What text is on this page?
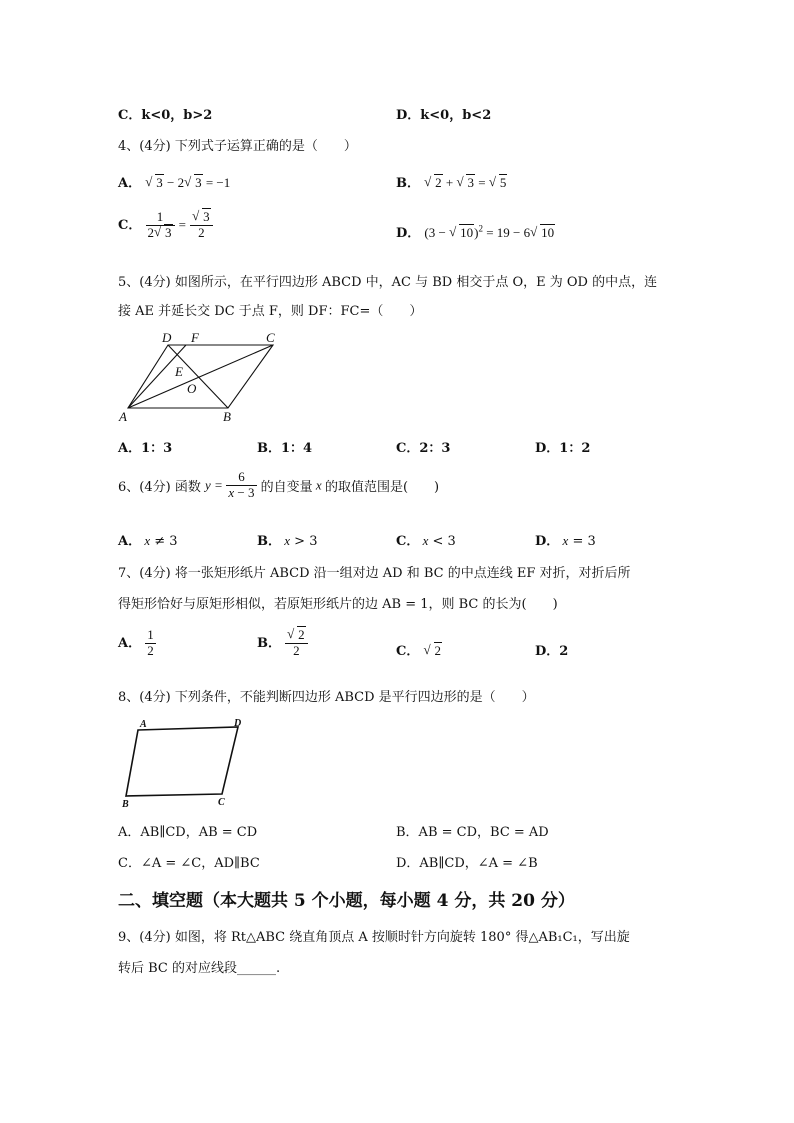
C．k<0，b>2	D．k<0，b<2
4、(4分) 下列式子运算正确的是（　　）
A． √ 3 − 2 √ 3 = −1	B． √ 2 + √ 3 = √ 5
C． $\frac{1}{2 √ 3}$ = √ $\frac{3}{2}$	D． (3 − √ 10)$^2$ = 19 − 6 √ 10
5、(4分) 如图所示，在平行四边形 ABCD 中，AC 与 BD 相交于点 O，E 为 OD 的中点，连
接 AE 并延长交 DC 于点 F，则 DF：FC=（　　）
D F	C
E
O
A	B
A．1：3	B．1：4	C．2：3	D．1：2
6、(4分) 函数 $y = \frac{6}{x - 3}$ 的自变量 x 的取值范围是(　　)
A． x ≠ 3	B． x > 3	C． x < 3	D． x = 3
7、(4分) 将一张矩形纸片 ABCD 沿一组对边 AD 和 BC 的中点连线 EF 对折，对折后所
得矩形恰好与原矩形相似，若原矩形纸片的边 AB = 1，则 BC 的长为(　　)
A． $\frac{1}{2}$	B． √ $\frac{2}{2}$	C． √ 2	D．2
8、(4分) 下列条件，不能判断四边形 ABCD 是平行四边形的是（　　）
A	D
B	C
A．AB∥CD，AB = CD	B．AB = CD，BC = AD
C．∠A = ∠C，AD∥BC	D．AB∥CD，∠A = ∠B
二、填空题（本大题共 5 个小题，每小题 4 分，共 20 分）
9、(4分) 如图，将 Rt△ABC 绕直角顶点 A 按顺时针方向旋转 180° 得△AB₁C₁，写出旋
转后 BC 的对应线段______.
